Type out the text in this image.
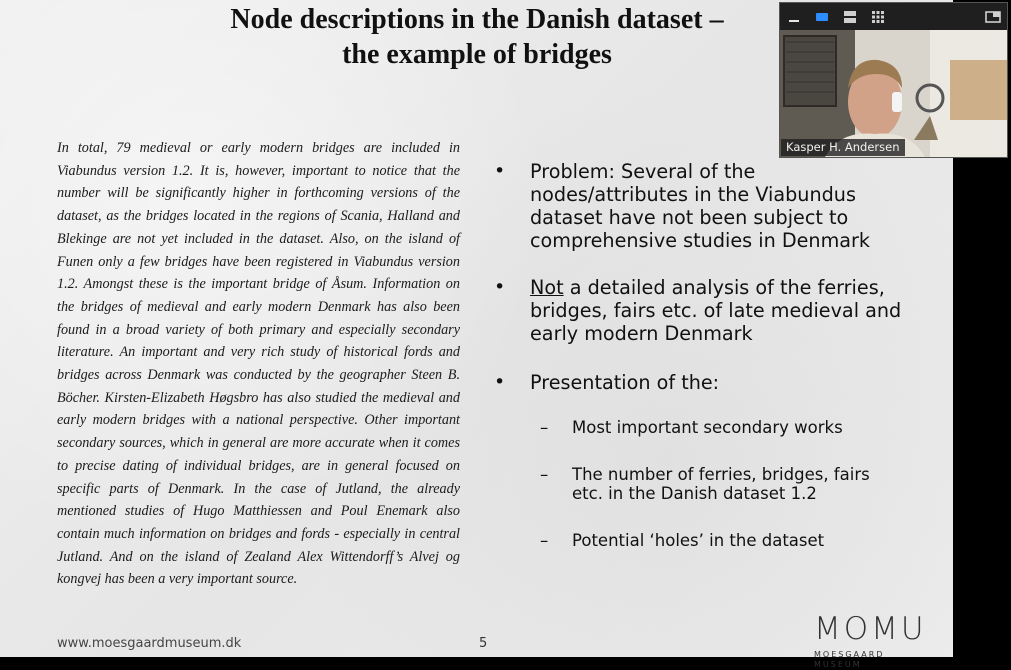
Node descriptions in the Danish dataset –
the example of bridges
In total, 79 medieval or early modern bridges are included in Viabundus version 1.2. It is, however, important to notice that the number will be significantly higher in forthcoming versions of the dataset, as the bridges located in the regions of Scania, Halland and Blekinge are not yet included in the dataset. Also, on the island of Funen only a few bridges have been registered in Viabundus version 1.2. Amongst these is the important bridge of Åsum. Information on the bridges of medieval and early modern Denmark has also been found in a broad variety of both primary and especially secondary literature. An important and very rich study of historical fords and bridges across Denmark was conducted by the geographer Steen B. Böcher. Kirsten-Elizabeth Høgsbro has also studied the medieval and early modern bridges with a national perspective. Other important secondary sources, which in general are more accurate when it comes to precise dating of individual bridges, are in general focused on specific parts of Denmark. In the case of Jutland, the already mentioned studies of Hugo Matthiessen and Poul Enemark also contain much information on bridges and fords - especially in central Jutland. And on the island of Zealand Alex Wittendorff’s Alvej og kongvej has been a very important source.
• Problem: Several of the nodes/attributes in the Viabundus dataset have not been subject to comprehensive studies in Denmark
• Not a detailed analysis of the ferries, bridges, fairs etc. of late medieval and early modern Denmark
• Presentation of the:
– Most important secondary works
– The number of ferries, bridges, fairs etc. in the Danish dataset 1.2
– Potential ‘holes’ in the dataset
www.moesgaardmuseum.dk	5	MOMU
MOESGAARD MUSEUM
Kasper H. Andersen
